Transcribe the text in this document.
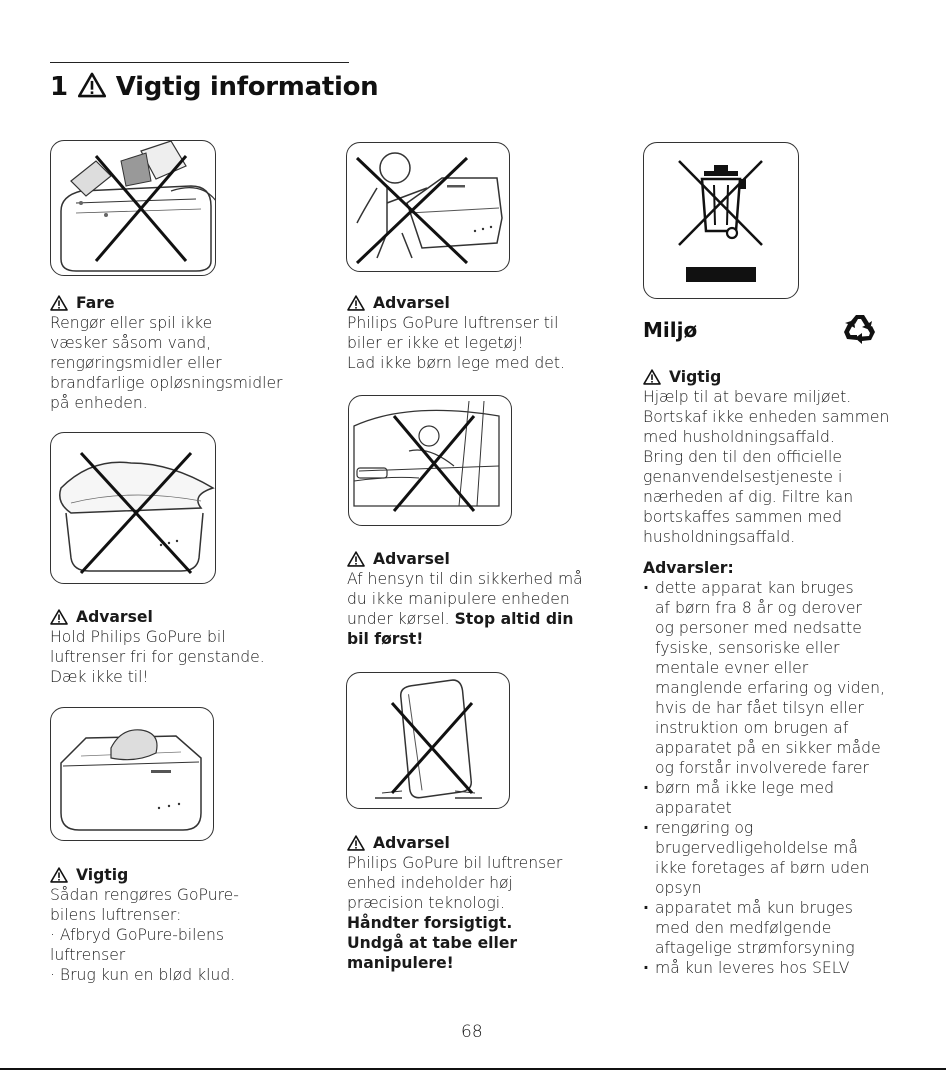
1 Vigtig information
Fare

Rengør eller spil ikke

væsker såsom vand,

rengøringsmidler eller

brandfarlige opløsningsmidler

på enheden.

Advarsel

Hold Philips GoPure bil

luftrenser fri for genstande.

Dæk ikke til!

Vigtig

Sådan rengøres GoPure-

bilens luftrenser:

· Afbryd GoPure-bilens

luftrenser

· Brug kun en blød klud.

Advarsel

Philips GoPure luftrenser til

biler er ikke et legetøj!

Lad ikke børn lege med det.

Advarsel

Af hensyn til din sikkerhed må

du ikke manipulere enheden

under kørsel. Stop altid din

bil først!

Advarsel

Philips GoPure bil luftrenser

enhed indeholder høj

præcision teknologi.

Håndter forsigtigt.

Undgå at tabe eller

manipulere!

Miljø
Vigtig

Hjælp til at bevare miljøet.

Bortskaf ikke enheden sammen

med husholdningsaffald.

Bring den til den officielle

genanvendelsestjeneste i

nærheden af dig. Filtre kan

bortskaffes sammen med

husholdningsaffald.

Advarsler:

· dette apparat kan bruges

af børn fra 8 år og derover

og personer med nedsatte

fysiske, sensoriske eller

mentale evner eller

manglende erfaring og viden,

hvis de har fået tilsyn eller

instruktion om brugen af

apparatet på en sikker måde

og forstår involverede farer

· børn må ikke lege med

apparatet

· rengøring og

brugervedligeholdelse må

ikke foretages af børn uden

opsyn

· apparatet må kun bruges

med den medfølgende

aftagelige strømforsyning

· må kun leveres hos SELV

68
